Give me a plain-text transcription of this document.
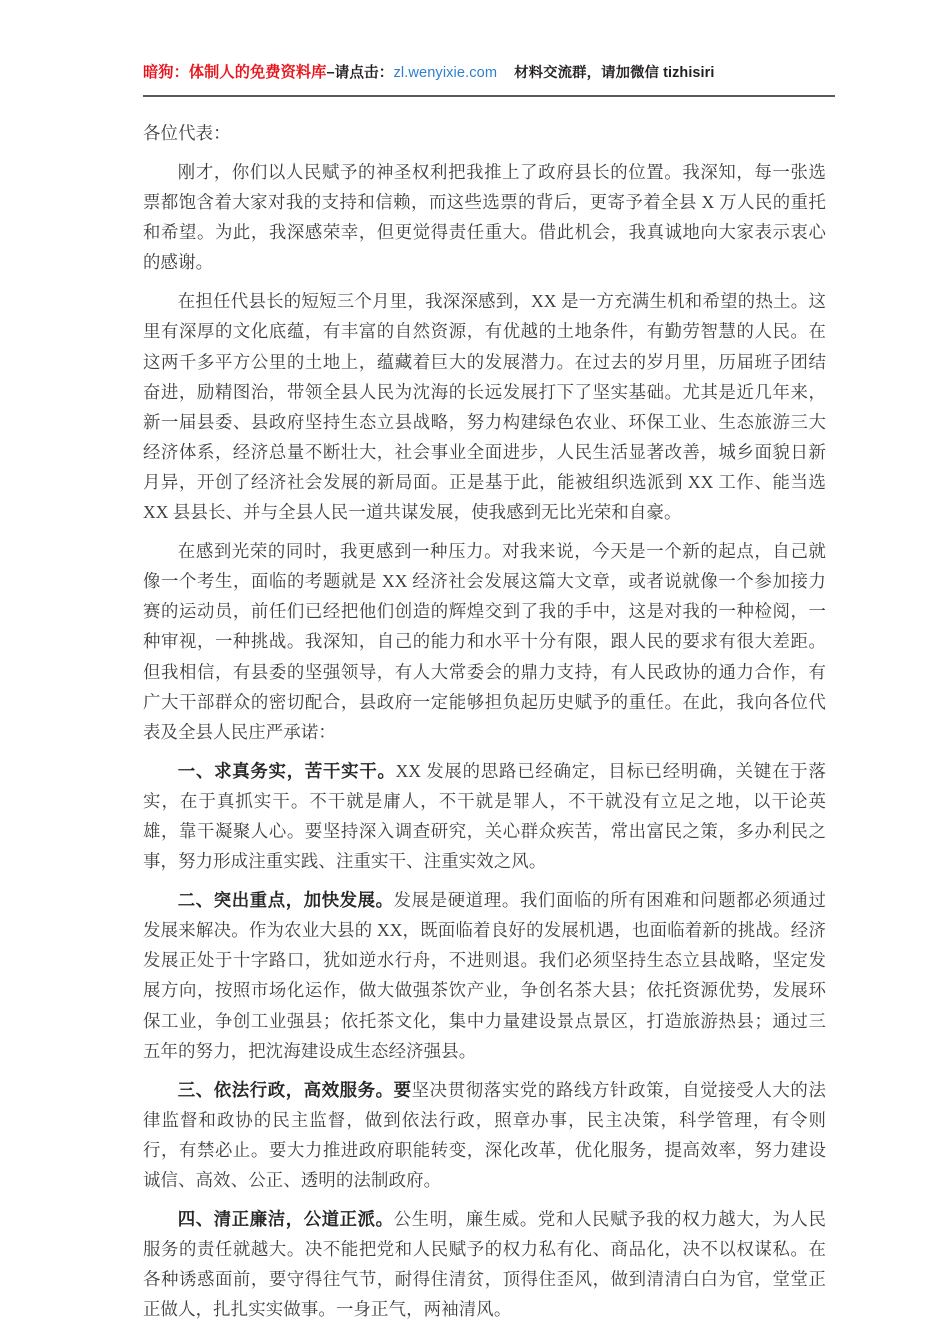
暗狗：体制人的免费资料库 –请点击： zl.wenyixie.com 材料交流群，请加微信 tizhisiri
各位代表：

刚才，你们以人民赋予的神圣权利把我推上了政府县长的位置。我深知，每一张选票都饱含着大家对我的支持和信赖，而这些选票的背后，更寄予着全县 X 万人民的重托和希望。为此，我深感荣幸，但更觉得责任重大。借此机会，我真诚地向大家表示衷心的感谢。

在担任代县长的短短三个月里，我深深感到，XX 是一方充满生机和希望的热土。这里有深厚的文化底蕴，有丰富的自然资源，有优越的土地条件，有勤劳智慧的人民。在这两千多平方公里的土地上，蕴藏着巨大的发展潜力。在过去的岁月里，历届班子团结奋进，励精图治，带领全县人民为沈海的长远发展打下了坚实基础。尤其是近几年来，新一届县委、县政府坚持生态立县战略，努力构建绿色农业、环保工业、生态旅游三大经济体系，经济总量不断壮大，社会事业全面进步，人民生活显著改善，城乡面貌日新月异，开创了经济社会发展的新局面。正是基于此，能被组织选派到 XX 工作、能当选 XX 县县长、并与全县人民一道共谋发展，使我感到无比光荣和自豪。

在感到光荣的同时，我更感到一种压力。对我来说，今天是一个新的起点，自己就像一个考生，面临的考题就是 XX 经济社会发展这篇大文章，或者说就像一个参加接力赛的运动员，前任们已经把他们创造的辉煌交到了我的手中，这是对我的一种检阅，一种审视，一种挑战。我深知，自己的能力和水平十分有限，跟人民的要求有很大差距。但我相信，有县委的坚强领导，有人大常委会的鼎力支持，有人民政协的通力合作，有广大干部群众的密切配合，县政府一定能够担负起历史赋予的重任。在此，我向各位代表及全县人民庄严承诺：

一、求真务实，苦干实干。XX 发展的思路已经确定，目标已经明确，关键在于落实，在于真抓实干。不干就是庸人，不干就是罪人，不干就没有立足之地，以干论英雄，靠干凝聚人心。要坚持深入调查研究，关心群众疾苦，常出富民之策，多办利民之事，努力形成注重实践、注重实干、注重实效之风。

二、突出重点，加快发展。发展是硬道理。我们面临的所有困难和问题都必须通过发展来解决。作为农业大县的 XX，既面临着良好的发展机遇，也面临着新的挑战。经济发展正处于十字路口，犹如逆水行舟，不进则退。我们必须坚持生态立县战略，坚定发展方向，按照市场化运作，做大做强茶饮产业，争创名茶大县；依托资源优势，发展环保工业，争创工业强县；依托茶文化，集中力量建设景点景区，打造旅游热县；通过三五年的努力，把沈海建设成生态经济强县。

三、依法行政，高效服务。要坚决贯彻落实党的路线方针政策，自觉接受人大的法律监督和政协的民主监督，做到依法行政，照章办事，民主决策，科学管理，有令则行，有禁必止。要大力推进政府职能转变，深化改革，优化服务，提高效率，努力建设诚信、高效、公正、透明的法制政府。

四、清正廉洁，公道正派。公生明，廉生威。党和人民赋予我的权力越大，为人民服务的责任就越大。决不能把党和人民赋予的权力私有化、商品化，决不以权谋私。在各种诱惑面前，要守得往气节，耐得住清贫，顶得住歪风，做到清清白白为官，堂堂正正做人，扎扎实实做事。一身正气，两袖清风。
